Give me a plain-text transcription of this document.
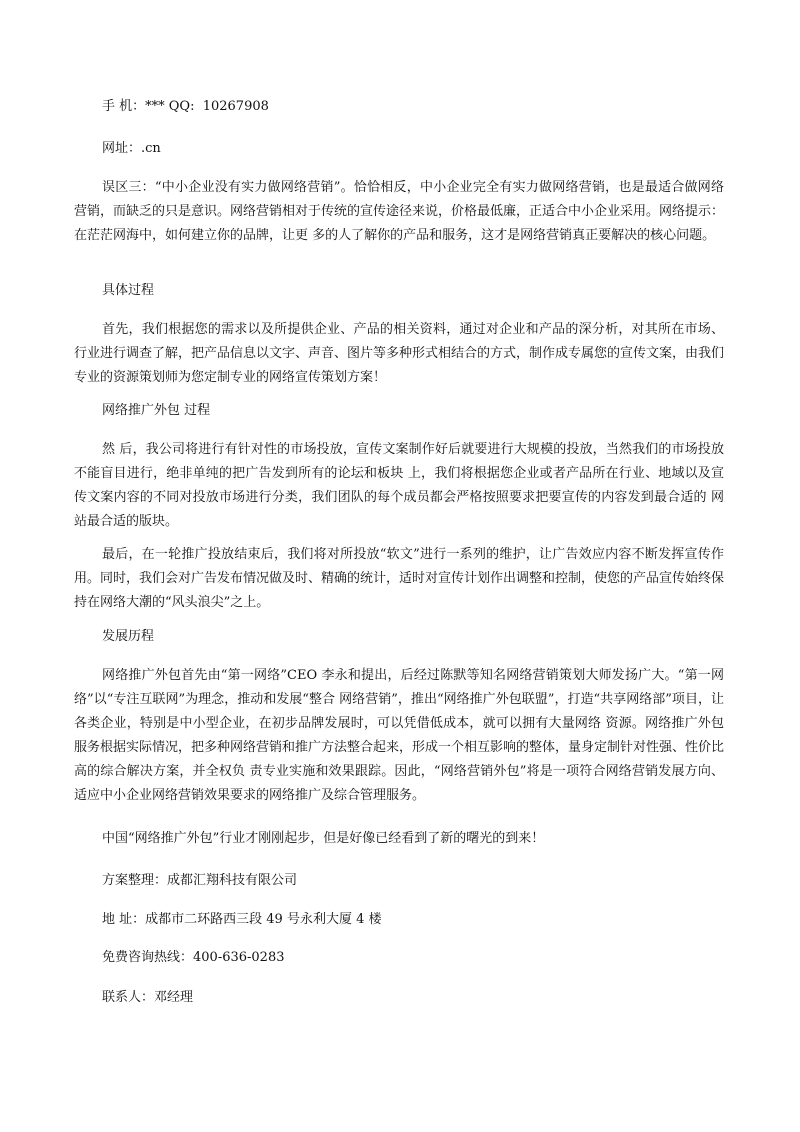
手 机：*** QQ:  10267908

网址：.cn

误区三：“中小企业没有实力做网络营销”。恰恰相反，中小企业完全有实力做网络营销，也是最适合做网络营销，而缺乏的只是意识。网络营销相对于传统的宣传途径来说，价格最低廉，正适合中小企业采用。网络提示：在茫茫网海中，如何建立你的品牌，让更 多的人了解你的产品和服务，这才是网络营销真正要解决的核心问题。

具体过程

首先，我们根据您的需求以及所提供企业、产品的相关资料，通过对企业和产品的深分析，对其所在市场、行业进行调查了解，把产品信息以文字、声音、图片等多种形式相结合的方式，制作成专属您的宣传文案，由我们专业的资源策划师为您定制专业的网络宣传策划方案！

网络推广外包 过程

然 后，我公司将进行有针对性的市场投放，宣传文案制作好后就要进行大规模的投放，当然我们的市场投放不能盲目进行，绝非单纯的把广告发到所有的论坛和板块 上，我们将根据您企业或者产品所在行业、地域以及宣传文案内容的不同对投放市场进行分类，我们团队的每个成员都会严格按照要求把要宣传的内容发到最合适的 网站最合适的版块。

最后，在一轮推广投放结束后，我们将对所投放“软文”进行一系列的维护，让广告效应内容不断发挥宣传作用。同时，我们会对广告发布情况做及时、精确的统计，适时对宣传计划作出调整和控制，使您的产品宣传始终保持在网络大潮的“风头浪尖”之上。

发展历程

网络推广外包首先由“第一网络”CEO 李永和提出，后经过陈默等知名网络营销策划大师发扬广大。“第一网络”以“专注互联网”为理念，推动和发展“整合 网络营销”，推出“网络推广外包联盟”，打造“共享网络部”项目，让各类企业，特别是中小型企业，在初步品牌发展时，可以凭借低成本，就可以拥有大量网络 资源。网络推广外包服务根据实际情况，把多种网络营销和推广方法整合起来，形成一个相互影响的整体，量身定制针对性强、性价比高的综合解决方案，并全权负 责专业实施和效果跟踪。因此，“网络营销外包”将是一项符合网络营销发展方向、适应中小企业网络营销效果要求的网络推广及综合管理服务。

中国“网络推广外包”行业才刚刚起步，但是好像已经看到了新的曙光的到来！

方案整理：成都汇翔科技有限公司

地 址：成都市二环路西三段 49 号永利大厦 4 楼

免费咨询热线：400-636-0283

联系人：邓经理
